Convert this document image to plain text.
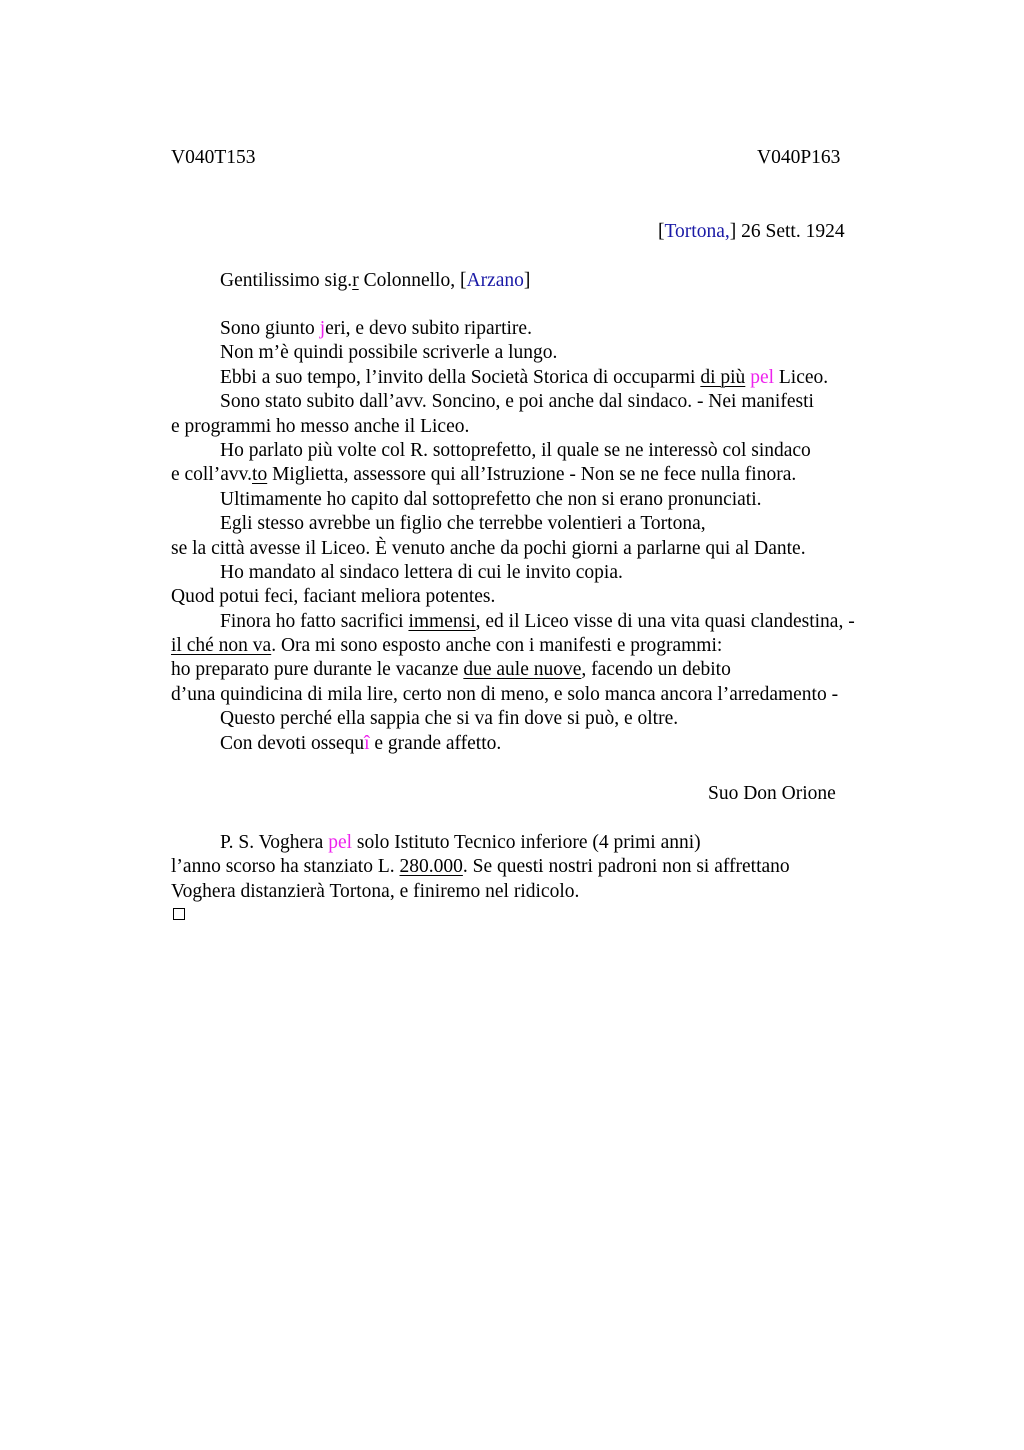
V040T153	V040P163
[Tortona,] 26 Sett. 1924
Gentilissimo sig.r Colonnello, [Arzano]
Sono giunto jeri, e devo subito ripartire.
Non m’è quindi possibile scriverle a lungo.
Ebbi a suo tempo, l’invito della Società Storica di occuparmi di più pel Liceo.
Sono stato subito dall’avv. Soncino, e poi anche dal sindaco. - Nei manifesti
e programmi ho messo anche il Liceo.
Ho parlato più volte col R. sottoprefetto, il quale se ne interessò col sindaco
e coll’avv.to Miglietta, assessore qui all’Istruzione - Non se ne fece nulla finora.
Ultimamente ho capito dal sottoprefetto che non si erano pronunciati.
Egli stesso avrebbe un figlio che terrebbe volentieri a Tortona,
se la città avesse il Liceo. È venuto anche da pochi giorni a parlarne qui al Dante.
Ho mandato al sindaco lettera di cui le invito copia.
Quod potui feci, faciant meliora potentes.
Finora ho fatto sacrifici immensi, ed il Liceo visse di una vita quasi clandestina, -
il ché non va. Ora mi sono esposto anche con i manifesti e programmi:
ho preparato pure durante le vacanze due aule nuove, facendo un debito
d’una quindicina di mila lire, certo non di meno, e solo manca ancora l’arredamento -
Questo perché ella sappia che si va fin dove si può, e oltre.
Con devoti ossequî e grande affetto.
Suo Don Orione
P. S. Voghera pel solo Istituto Tecnico inferiore (4 primi anni)
l’anno scorso ha stanziato L. 280.000. Se questi nostri padroni non si affrettano
Voghera distanzierà Tortona, e finiremo nel ridicolo.
